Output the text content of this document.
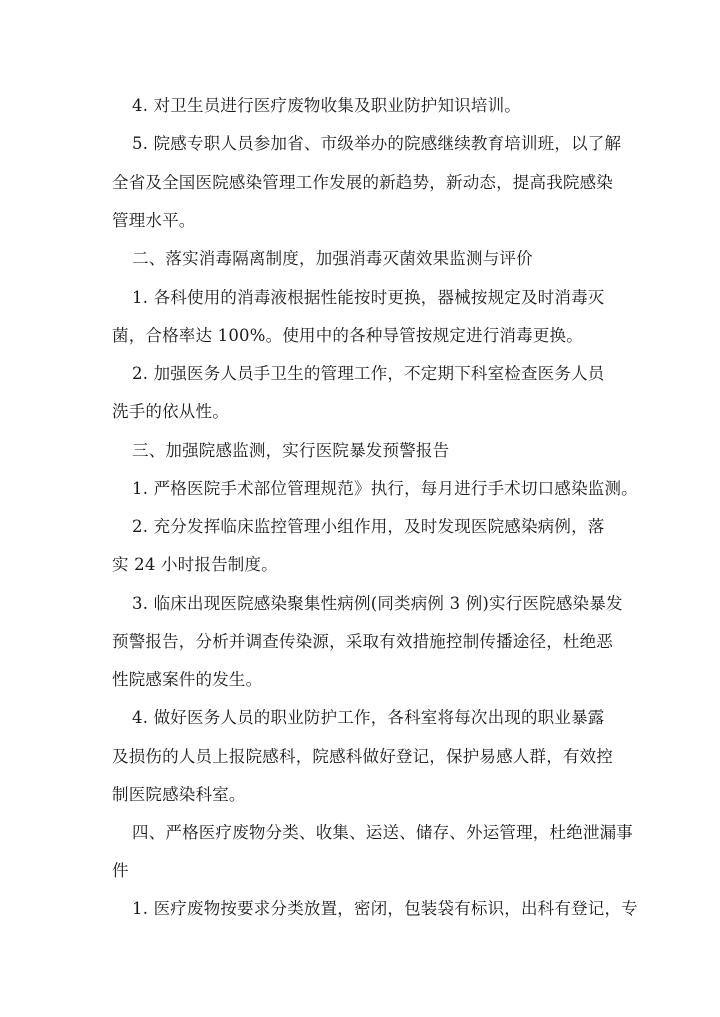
4. 对卫生员进行医疗废物收集及职业防护知识培训。
5. 院感专职人员参加省、市级举办的院感继续教育培训班，以了解
全省及全国医院感染管理工作发展的新趋势，新动态，提高我院感染
管理水平。
二、落实消毒隔离制度，加强消毒灭菌效果监测与评价
1. 各科使用的消毒液根据性能按时更换，器械按规定及时消毒灭
菌，合格率达 100%。使用中的各种导管按规定进行消毒更换。
2. 加强医务人员手卫生的管理工作，不定期下科室检查医务人员
洗手的依从性。
三、加强院感监测，实行医院暴发预警报告
1. 严格医院手术部位管理规范》执行，每月进行手术切口感染监测。
2. 充分发挥临床监控管理小组作用，及时发现医院感染病例，落
实 24 小时报告制度。
3. 临床出现医院感染聚集性病例(同类病例 3 例)实行医院感染暴发
预警报告，分析并调查传染源，采取有效措施控制传播途径，杜绝恶
性院感案件的发生。
4. 做好医务人员的职业防护工作，各科室将每次出现的职业暴露
及损伤的人员上报院感科，院感科做好登记，保护易感人群，有效控
制医院感染科室。
四、严格医疗废物分类、收集、运送、储存、外运管理，杜绝泄漏事
件
1. 医疗废物按要求分类放置，密闭，包装袋有标识，出科有登记，专
